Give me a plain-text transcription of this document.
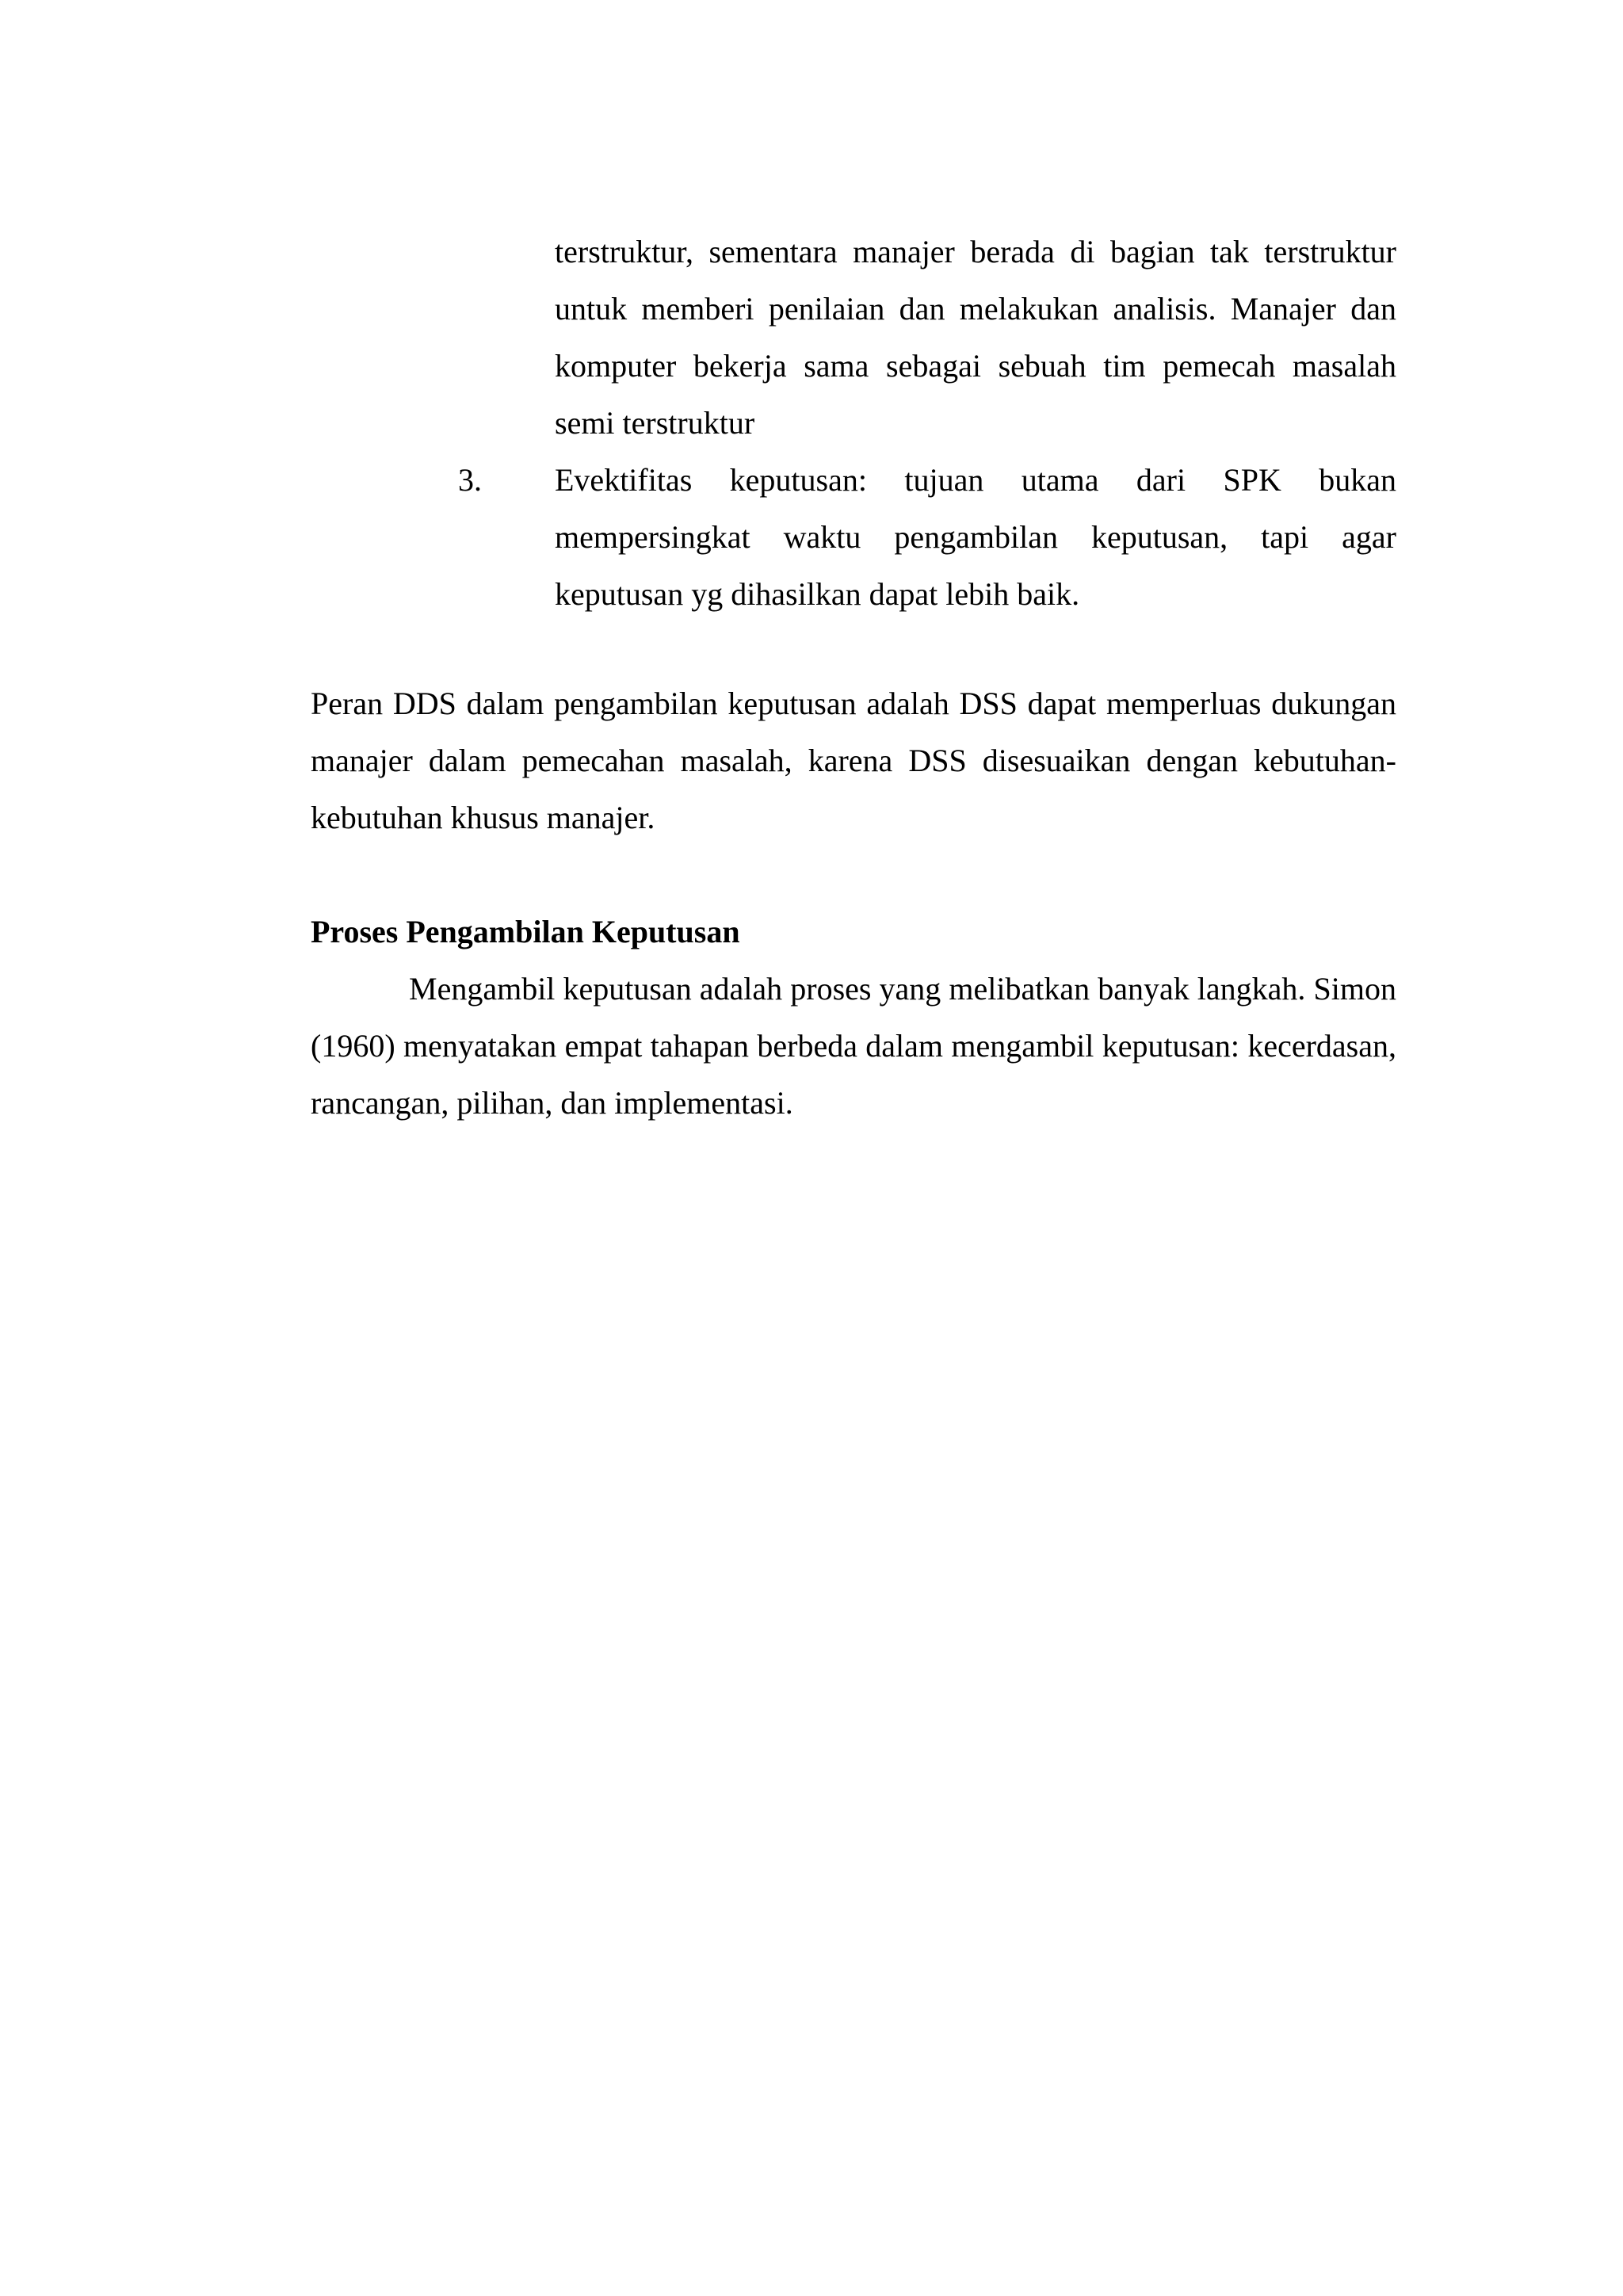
terstruktur, sementara manajer berada di bagian tak terstruktur untuk memberi penilaian dan melakukan analisis. Manajer dan komputer bekerja sama sebagai sebuah tim pemecah masalah semi terstruktur

3. Evektifitas keputusan: tujuan utama dari SPK bukan mempersingkat waktu pengambilan keputusan, tapi agar keputusan yg dihasilkan dapat lebih baik.

Peran DDS dalam pengambilan keputusan adalah DSS dapat memperluas dukungan manajer dalam pemecahan masalah, karena DSS disesuaikan dengan kebutuhan-kebutuhan khusus manajer.

Proses Pengambilan Keputusan

Mengambil keputusan adalah proses yang melibatkan banyak langkah. Simon (1960) menyatakan empat tahapan berbeda dalam mengambil keputusan: kecerdasan, rancangan, pilihan, dan implementasi.
